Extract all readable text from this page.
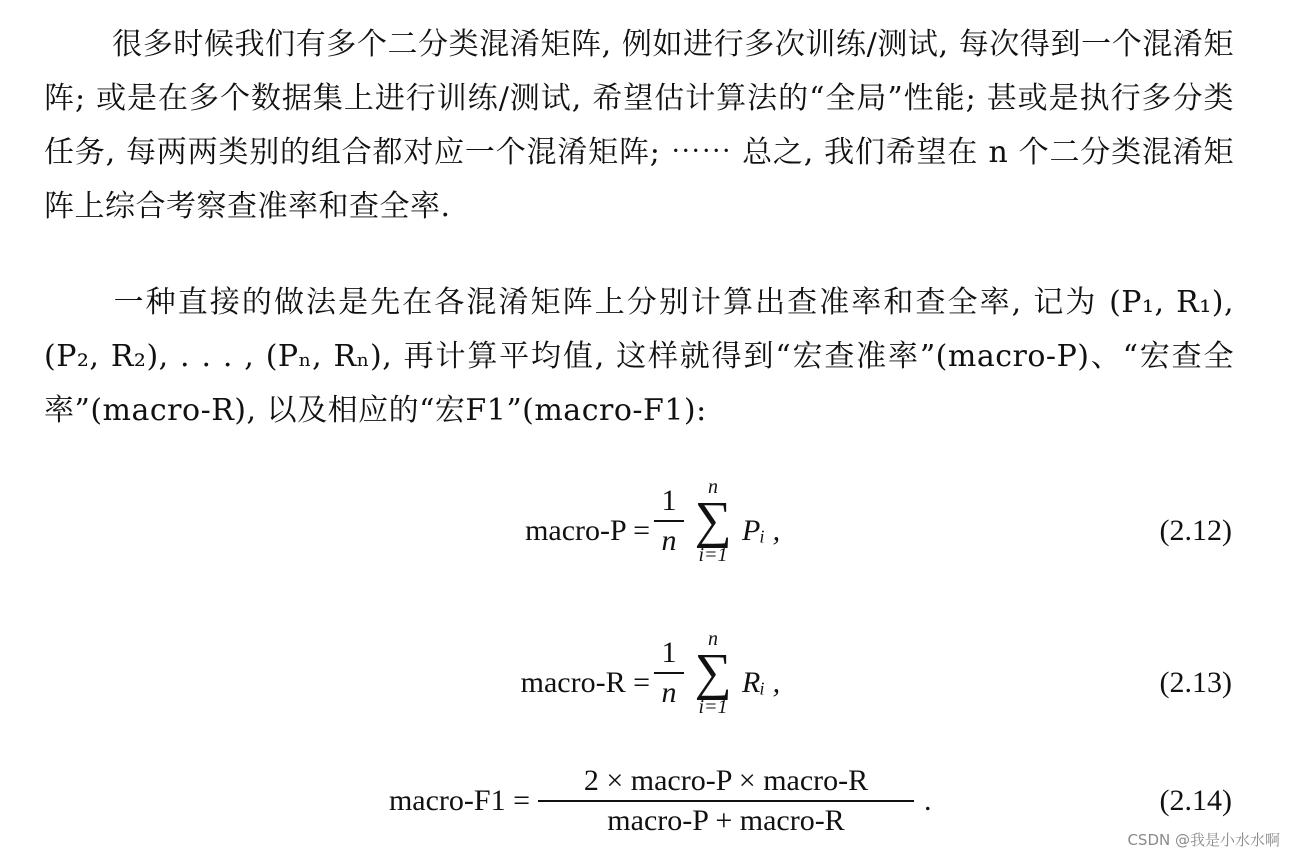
很多时候我们有多个二分类混淆矩阵, 例如进行多次训练/测试, 每次得到一个混淆矩阵; 或是在多个数据集上进行训练/测试, 希望估计算法的“全局”性能; 甚或是执行多分类任务, 每两两类别的组合都对应一个混淆矩阵; ⋯⋯ 总之, 我们希望在 n 个二分类混淆矩阵上综合考察查准率和查全率.

一种直接的做法是先在各混淆矩阵上分别计算出查准率和查全率, 记为 (P₁, R₁), (P₂, R₂), . . . , (Pₙ, Rₙ), 再计算平均值, 这样就得到“宏查准率”(macro-P)、“宏查全率”(macro-R), 以及相应的“宏F1”(macro-F1):

macro-P =
1
n
n
∑
i=1
Pᵢ ,	(2.12)
macro-R =
1
n
n
∑
i=1
Rᵢ ,	(2.13)
macro-F1 =
2 × macro-P × macro-R
macro-P + macro-R
.	(2.14)
CSDN @我是小水水啊
